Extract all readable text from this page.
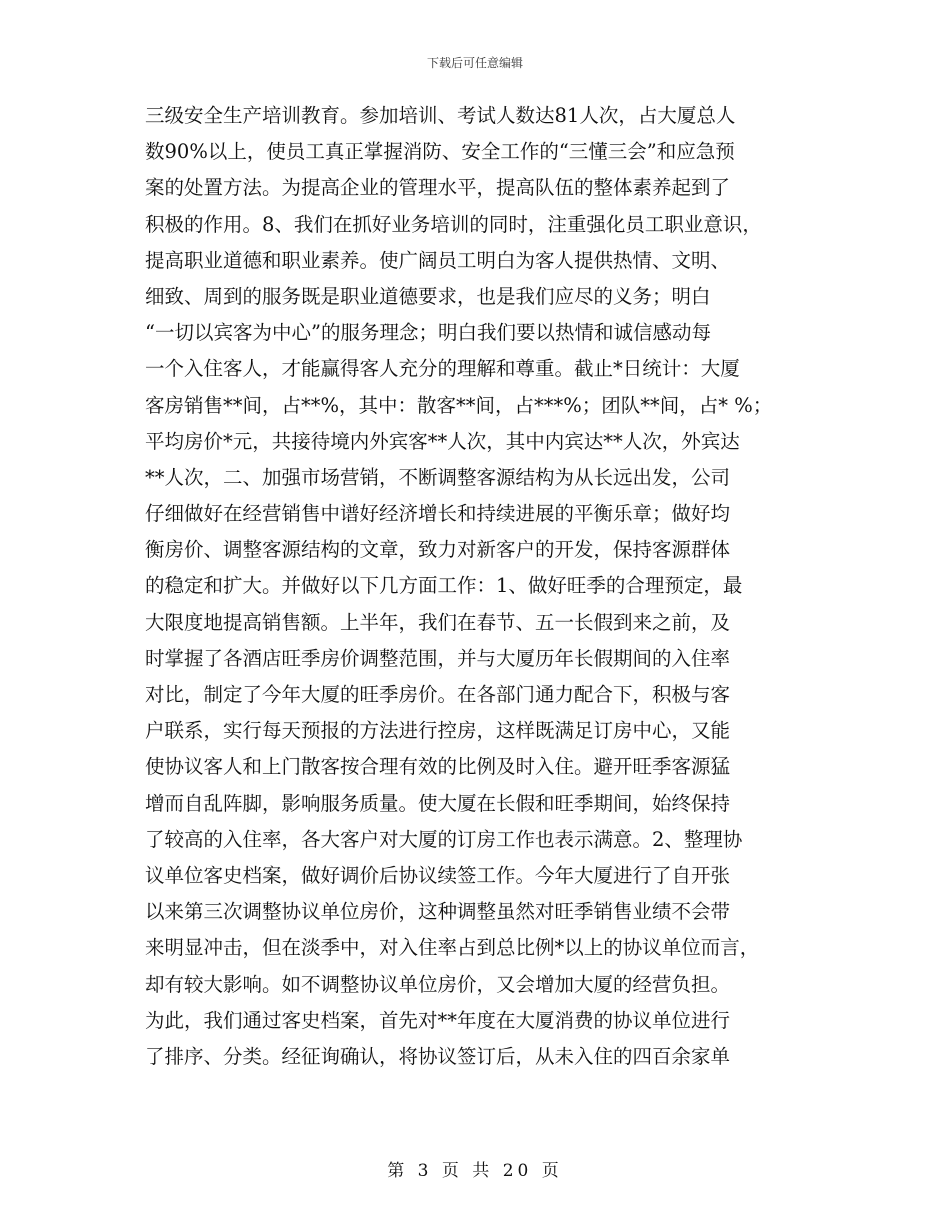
下载后可任意编辑
三级安全生产培训教育。参加培训、考试人数达81人次，占大厦总人
数90%以上，使员工真正掌握消防、安全工作的“三懂三会”和应急预
案的处置方法。为提高企业的管理水平，提高队伍的整体素养起到了
积极的作用。8、我们在抓好业务培训的同时，注重强化员工职业意识，
提高职业道德和职业素养。使广阔员工明白为客人提供热情、文明、
细致、周到的服务既是职业道德要求，也是我们应尽的义务；明白
“一切以宾客为中心”的服务理念；明白我们要以热情和诚信感动每
一个入住客人，才能赢得客人充分的理解和尊重。截止*日统计：大厦
客房销售**间，占**%，其中：散客**间，占***%；团队**间，占* %；
平均房价*元，共接待境内外宾客**人次，其中内宾达**人次，外宾达
**人次，二、加强市场营销，不断调整客源结构为从长远出发，公司
仔细做好在经营销售中谱好经济增长和持续进展的平衡乐章；做好均
衡房价、调整客源结构的文章，致力对新客户的开发，保持客源群体
的稳定和扩大。并做好以下几方面工作：1、做好旺季的合理预定，最
大限度地提高销售额。上半年，我们在春节、五一长假到来之前，及
时掌握了各酒店旺季房价调整范围，并与大厦历年长假期间的入住率
对比，制定了今年大厦的旺季房价。在各部门通力配合下，积极与客
户联系，实行每天预报的方法进行控房，这样既满足订房中心，又能
使协议客人和上门散客按合理有效的比例及时入住。避开旺季客源猛
增而自乱阵脚，影响服务质量。使大厦在长假和旺季期间，始终保持
了较高的入住率，各大客户对大厦的订房工作也表示满意。2、整理协
议单位客史档案，做好调价后协议续签工作。今年大厦进行了自开张
以来第三次调整协议单位房价，这种调整虽然对旺季销售业绩不会带
来明显冲击，但在淡季中，对入住率占到总比例*以上的协议单位而言，
却有较大影响。如不调整协议单位房价，又会增加大厦的经营负担。
为此，我们通过客史档案，首先对**年度在大厦消费的协议单位进行
了排序、分类。经征询确认，将协议签订后，从未入住的四百余家单
第 3 页 共 20 页
